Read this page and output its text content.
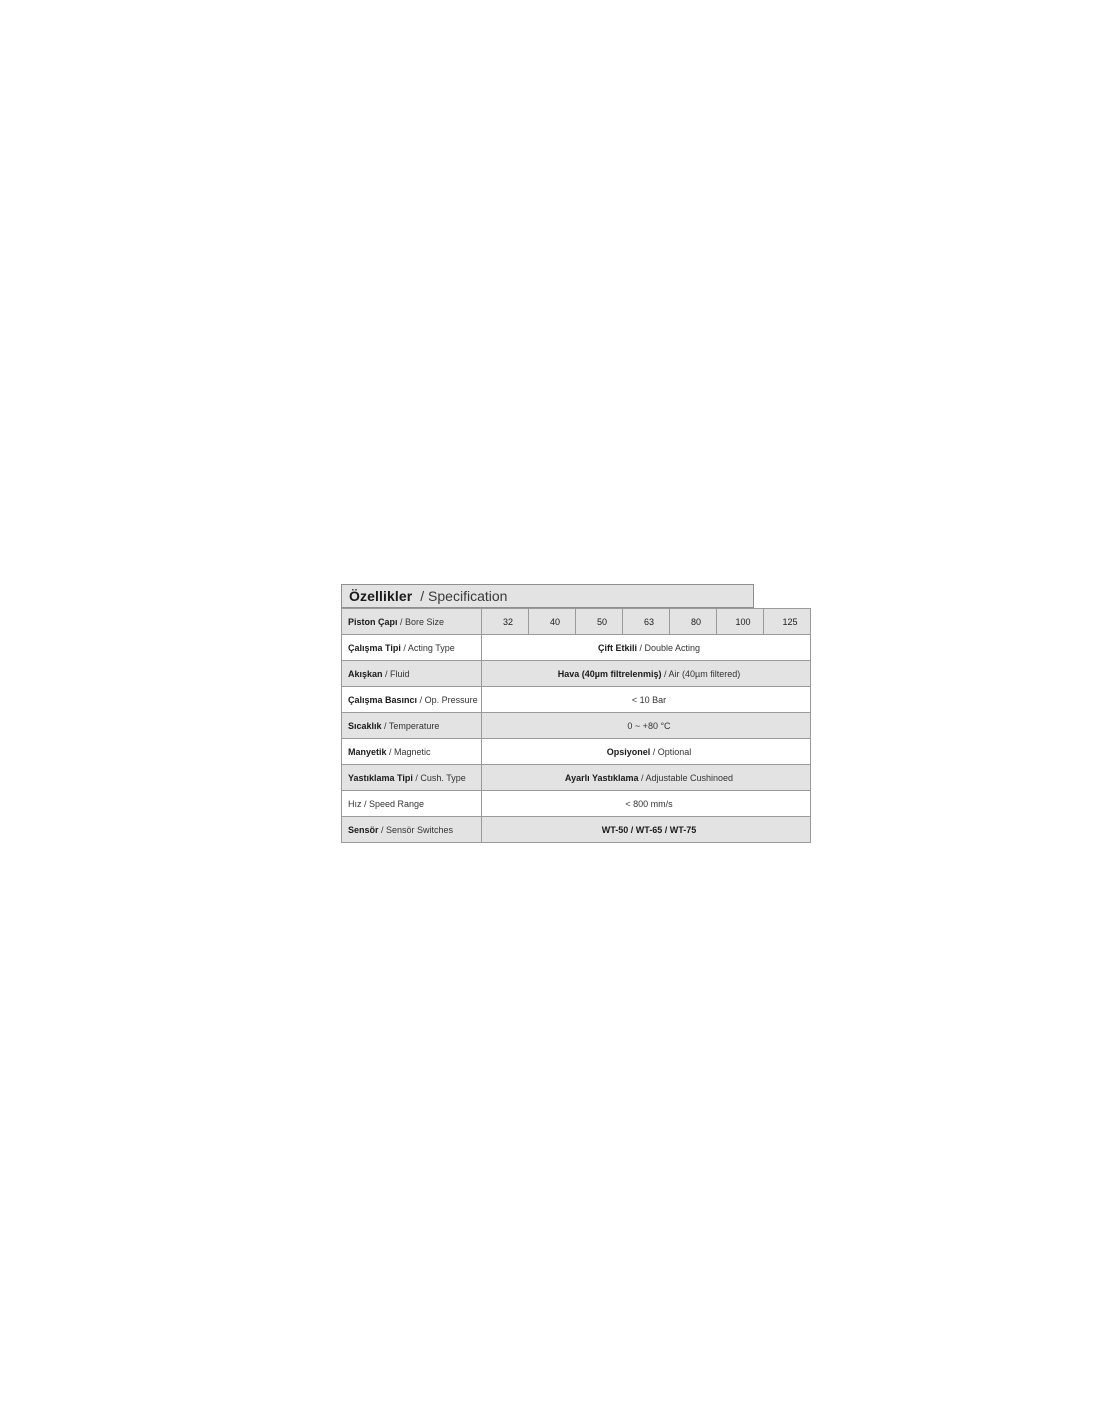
Özellikler / Specification
Piston Çapı / Bore Size	32	40	50	63	80	100	125
Çalışma Tipi / Acting Type	Çift Etkili / Double Acting						
Akışkan / Fluid	Hava (40µm filtrelenmiş) / Air (40µm filtered)						
Çalışma Basıncı / Op. Pressure	< 10 Bar						
Sıcaklık / Temperature	0 ~ +80 °C						
Manyetik / Magnetic	Opsiyonel / Optional						
Yastıklama Tipi / Cush. Type	Ayarlı Yastıklama / Adjustable Cushinoed						
Hız / Speed Range	< 800 mm/s						
Sensör / Sensör Switches	WT-50 / WT-65 / WT-75						
